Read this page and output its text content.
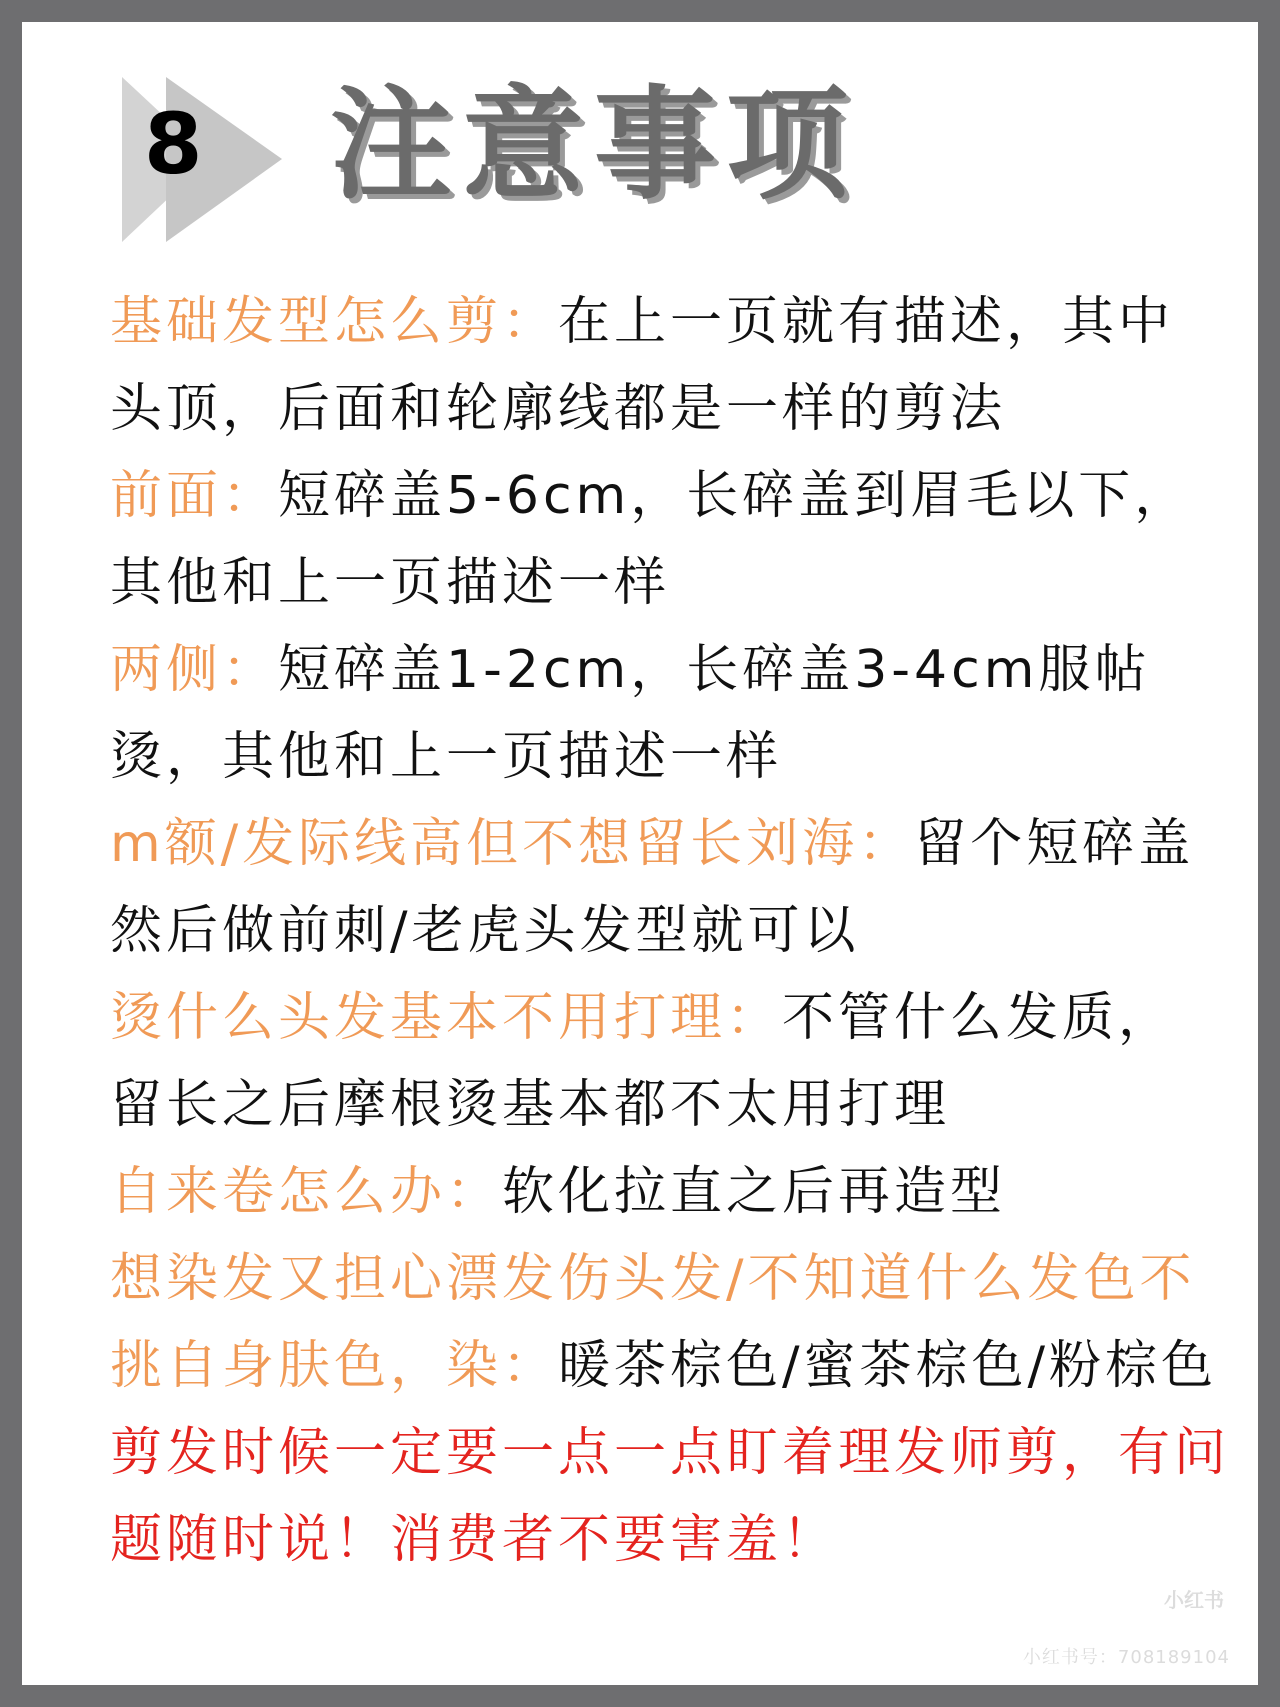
8 注意事项

基础发型怎么剪：在上一页就有描述，其中头顶，后面和轮廓线都是一样的剪法

前面：短碎盖5-6cm，长碎盖到眉毛以下，其他和上一页描述一样

两侧：短碎盖1-2cm，长碎盖3-4cm服帖烫，其他和上一页描述一样

m额/发际线高但不想留长刘海：留个短碎盖然后做前刺/老虎头发型就可以

烫什么头发基本不用打理：不管什么发质，留长之后摩根烫基本都不太用打理

自来卷怎么办：软化拉直之后再造型

想染发又担心漂发伤头发/不知道什么发色不挑自身肤色，染：暖茶棕色/蜜茶棕色/粉棕色

剪发时候一定要一点一点盯着理发师剪，有问题随时说！消费者不要害羞！

小红书
小红书号：708189104
